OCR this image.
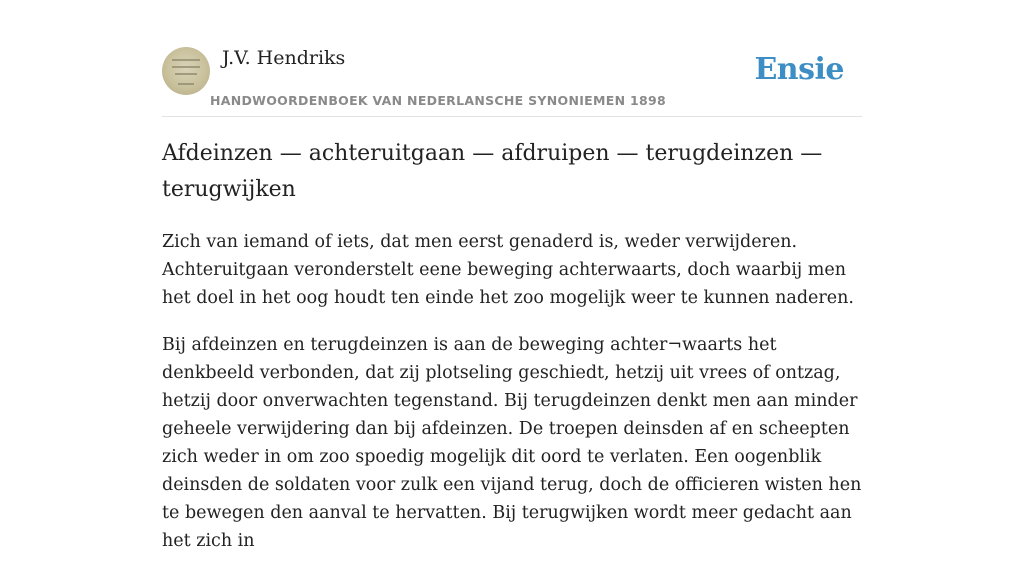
J.V. Hendriks
HANDWOORDENBOEK VAN NEDERLANSCHE SYNONIEMEN 1898
Ensie
Afdeinzen — achteruitgaan — afdruipen — terugdeinzen — terugwijken

Zich van iemand of iets, dat men eerst genaderd is, weder verwijderen. Achteruitgaan veronderstelt eene beweging achterwaarts, doch waarbij men het doel in het oog houdt ten einde het zoo mogelijk weer te kunnen naderen.

Bij afdeinzen en terugdeinzen is aan de beweging achter¬waarts het denkbeeld verbonden, dat zij plotseling geschiedt, hetzij uit vrees of ontzag, hetzij door onverwachten tegenstand. Bij terugdeinzen denkt men aan minder geheele verwijdering dan bij afdeinzen. De troepen deinsden af en scheepten zich weder in om zoo spoedig mogelijk dit oord te verlaten. Een oogenblik deinsden de soldaten voor zulk een vijand terug, doch de officieren wisten hen te bewegen den aanval te hervatten. Bij terugwijken wordt meer gedacht aan het zich in
